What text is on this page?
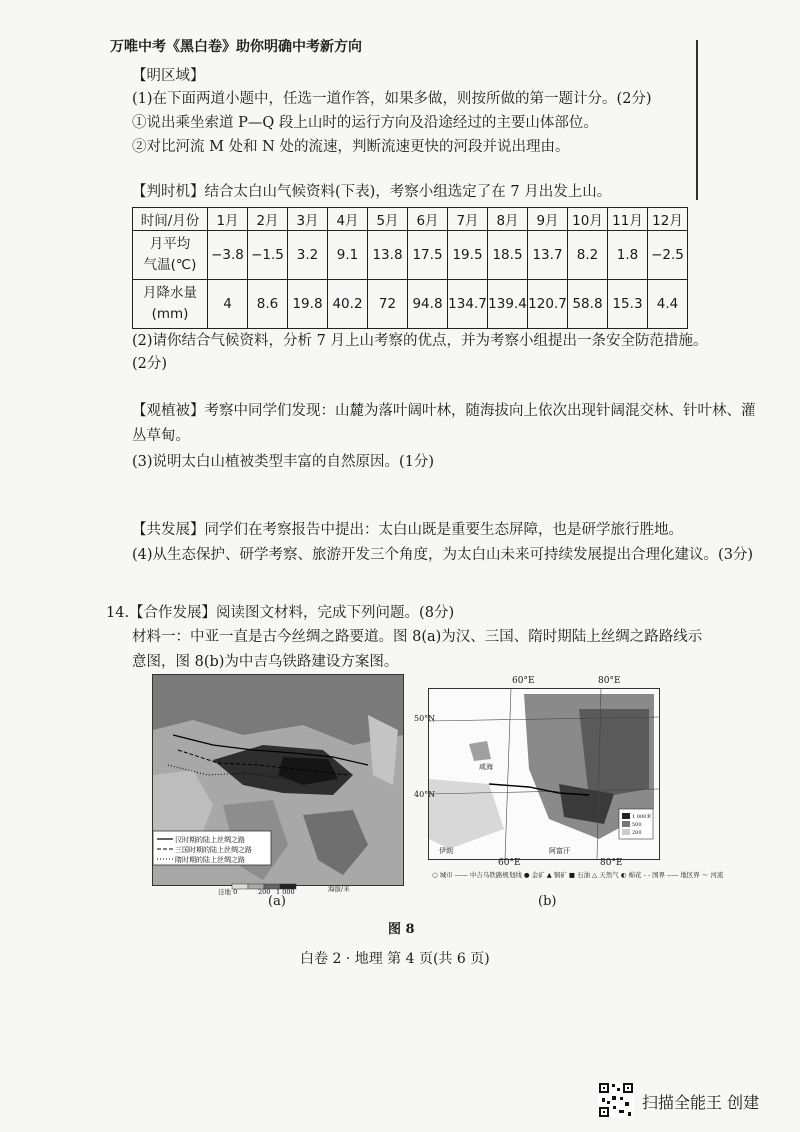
万唯中考《黑白卷》助你明确中考新方向
【明区域】
(1)在下面两道小题中，任选一道作答，如果多做，则按所做的第一题计分。(2分)
①说出乘坐索道 P—Q 段上山时的运行方向及沿途经过的主要山体部位。
②对比河流 M 处和 N 处的流速，判断流速更快的河段并说出理由。
【判时机】结合太白山气候资料(下表)，考察小组选定了在 7 月出发上山。
时间/月份	1月	2月	3月	4月	5月	6月	7月	8月	9月	10月	11月	12月
月平均
气温(℃)	−3.8	−1.5	3.2	9.1	13.8	17.5	19.5	18.5	13.7	8.2	1.8	−2.5
月降水量
(mm)	4	8.6	19.8	40.2	72	94.8	134.7	139.4	120.7	58.8	15.3	4.4
(2)请你结合气候资料，分析 7 月上山考察的优点，并为考察小组提出一条安全防范措施。
(2分)
【观植被】考察中同学们发现：山麓为落叶阔叶林，随海拔向上依次出现针阔混交林、针叶林、灌
丛草甸。
(3)说明太白山植被类型丰富的自然原因。(1分)
【共发展】同学们在考察报告中提出：太白山既是重要生态屏障，也是研学旅行胜地。
(4)从生态保护、研学考察、旅游开发三个角度，为太白山未来可持续发展提出合理化建议。(3分)
14.【合作发展】阅读图文材料，完成下列问题。(8分)
材料一：中亚一直是古今丝绸之路要道。图 8(a)为汉、三国、隋时期陆上丝绸之路路线示
意图，图 8(b)为中吉乌铁路建设方案图。
汉时期的陆上丝绸之路
三国时期的陆上丝绸之路
隋时期的陆上丝绸之路
洼地 0	200 1 000	海拔/米
(a)
1 000米
500
200
咸海
伊朗	阿富汗
60°E	80°E
50°N
40°N
60°E	80°E
○ 城市 —— 中吉乌铁路规划线 ● 金矿 ▲ 铜矿 ■ 石油 △ 天然气 ◐ 棉花 - - 国界 ----- 地区界 ～ 河流
(b)
图 8
白卷 2 · 地理 第 4 页(共 6 页)
扫描全能王 创建
